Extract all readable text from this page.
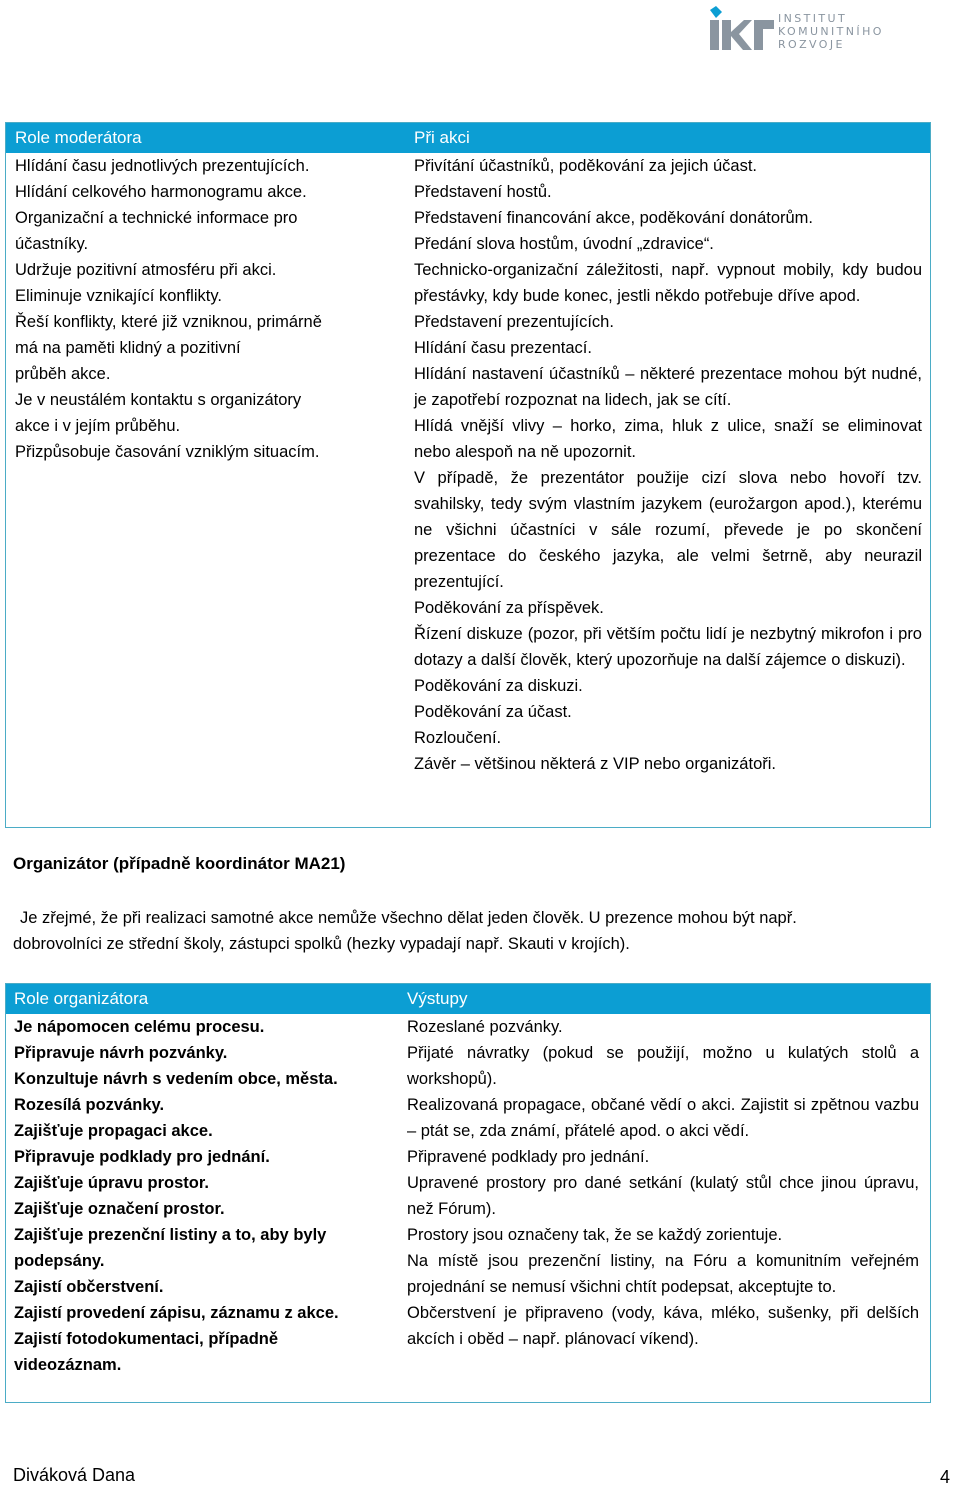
INSTITUT
KOMUNITNÍHO
ROZVOJE
Role moderátora
Hlídání času jednotlivých prezentujících.
Hlídání celkového harmonogramu akce.
Organizační a technické informace pro
účastníky.
Udržuje pozitivní atmosféru při akci.
Eliminuje vznikající konflikty.
Řeší konflikty, které již vzniknou, primárně
má na paměti klidný a pozitivní
průběh akce.
Je v neustálém kontaktu s organizátory
akce i v jejím průběhu.
Přizpůsobuje časování vzniklým situacím.
Při akci
Přivítání účastníků, poděkování za jejich účast.
Představení hostů.
Představení financování akce, poděkování donátorům.
Předání slova hostům, úvodní „zdravice“.
Technicko-organizační záležitosti, např. vypnout mobily, kdy budou přestávky, kdy bude konec, jestli někdo potřebuje dříve apod.
Představení prezentujících.
Hlídání času prezentací.
Hlídání nastavení účastníků – některé prezentace mohou být nudné, je zapotřebí rozpoznat na lidech, jak se cítí.
Hlídá vnější vlivy – horko, zima, hluk z ulice, snaží se eliminovat nebo alespoň na ně upozornit.
V případě, že prezentátor použije cizí slova nebo hovoří tzv. svahilsky, tedy svým vlastním jazykem (eurožargon apod.), kterému ne všichni účastníci v sále rozumí, převede je po skončení prezentace do českého jazyka, ale velmi šetrně, aby neurazil prezentující.
Poděkování za příspěvek.
Řízení diskuze (pozor, při větším počtu lidí je nezbytný mikrofon i pro dotazy a další člověk, který upozorňuje na další zájemce o diskuzi).
Poděkování za diskuzi.
Poděkování za účast.
Rozloučení.
Závěr – většinou některá z VIP nebo organizátoři.
Organizátor (případně koordinátor MA21)
Je zřejmé, že při realizaci samotné akce nemůže všechno dělat jeden člověk. U prezence mohou být např.
dobrovolníci ze střední školy, zástupci spolků (hezky vypadají např. Skauti v krojích).
Role organizátora
Je nápomocen celému procesu.
Připravuje návrh pozvánky.
Konzultuje návrh s vedením obce, města.
Rozesílá pozvánky.
Zajišťuje propagaci akce.
Připravuje podklady pro jednání.
Zajišťuje úpravu prostor.
Zajišťuje označení prostor.
Zajišťuje prezenční listiny a to, aby byly
podepsány.
Zajistí občerstvení.
Zajistí provedení zápisu, záznamu z akce.
Zajistí fotodokumentaci, případně
videozáznam.
Výstupy
Rozeslané pozvánky.
Přijaté návratky (pokud se použijí, možno u kulatých stolů a workshopů).
Realizovaná propagace, občané vědí o akci. Zajistit si zpětnou vazbu – ptát se, zda známí, přátelé apod. o akci vědí.
Připravené podklady pro jednání.
Upravené prostory pro dané setkání (kulatý stůl chce jinou úpravu, než Fórum).
Prostory jsou označeny tak, že se každý zorientuje.
Na místě jsou prezenční listiny, na Fóru a komunitním veřejném projednání se nemusí všichni chtít podepsat, akceptujte to.
Občerstvení je připraveno (vody, káva, mléko, sušenky, při delších akcích i oběd – např. plánovací víkend).
Diváková Dana	4
